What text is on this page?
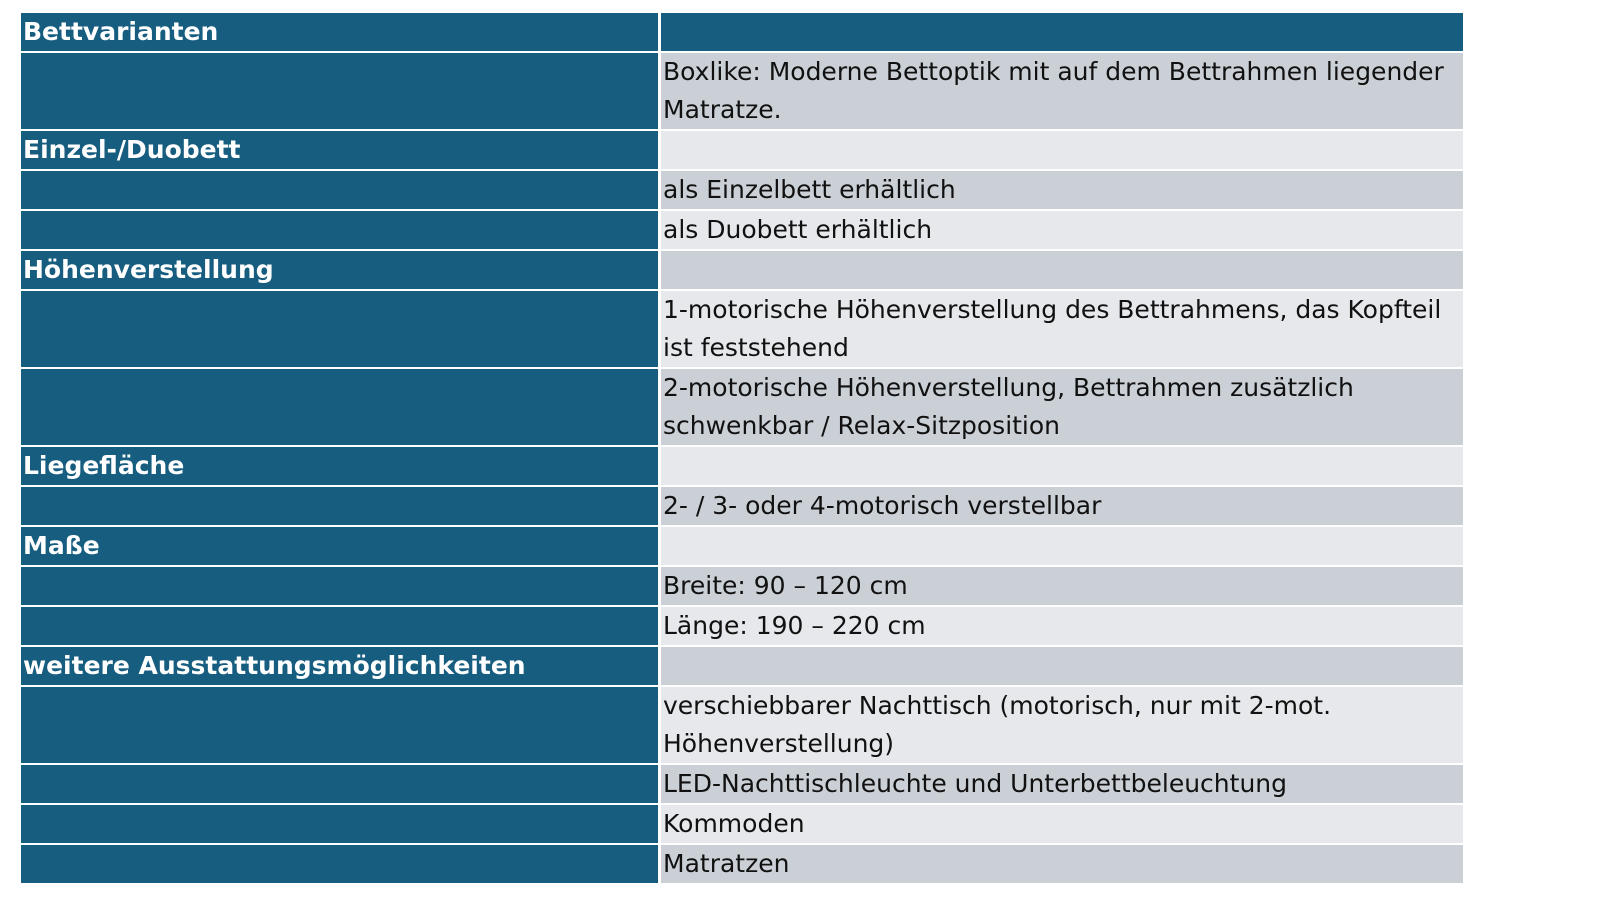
Bettvarianten	
	Boxlike: Moderne Bettoptik mit auf dem Bettrahmen liegender Matratze.
Einzel-/Duobett	
	als Einzelbett erhältlich
	als Duobett erhältlich
Höhenverstellung	
	1-motorische Höhenverstellung des Bettrahmens, das Kopfteil ist feststehend
	2-motorische Höhenverstellung, Bettrahmen zusätzlich schwenkbar / Relax-Sitzposition
Liegefläche	
	2- / 3- oder 4-motorisch verstellbar
Maße	
	Breite: 90 – 120 cm
	Länge: 190 – 220 cm
weitere Ausstattungsmöglichkeiten	
	verschiebbarer Nachttisch (motorisch, nur mit 2-mot. Höhenverstellung)
	LED-Nachttischleuchte und Unterbettbeleuchtung
	Kommoden
	Matratzen
